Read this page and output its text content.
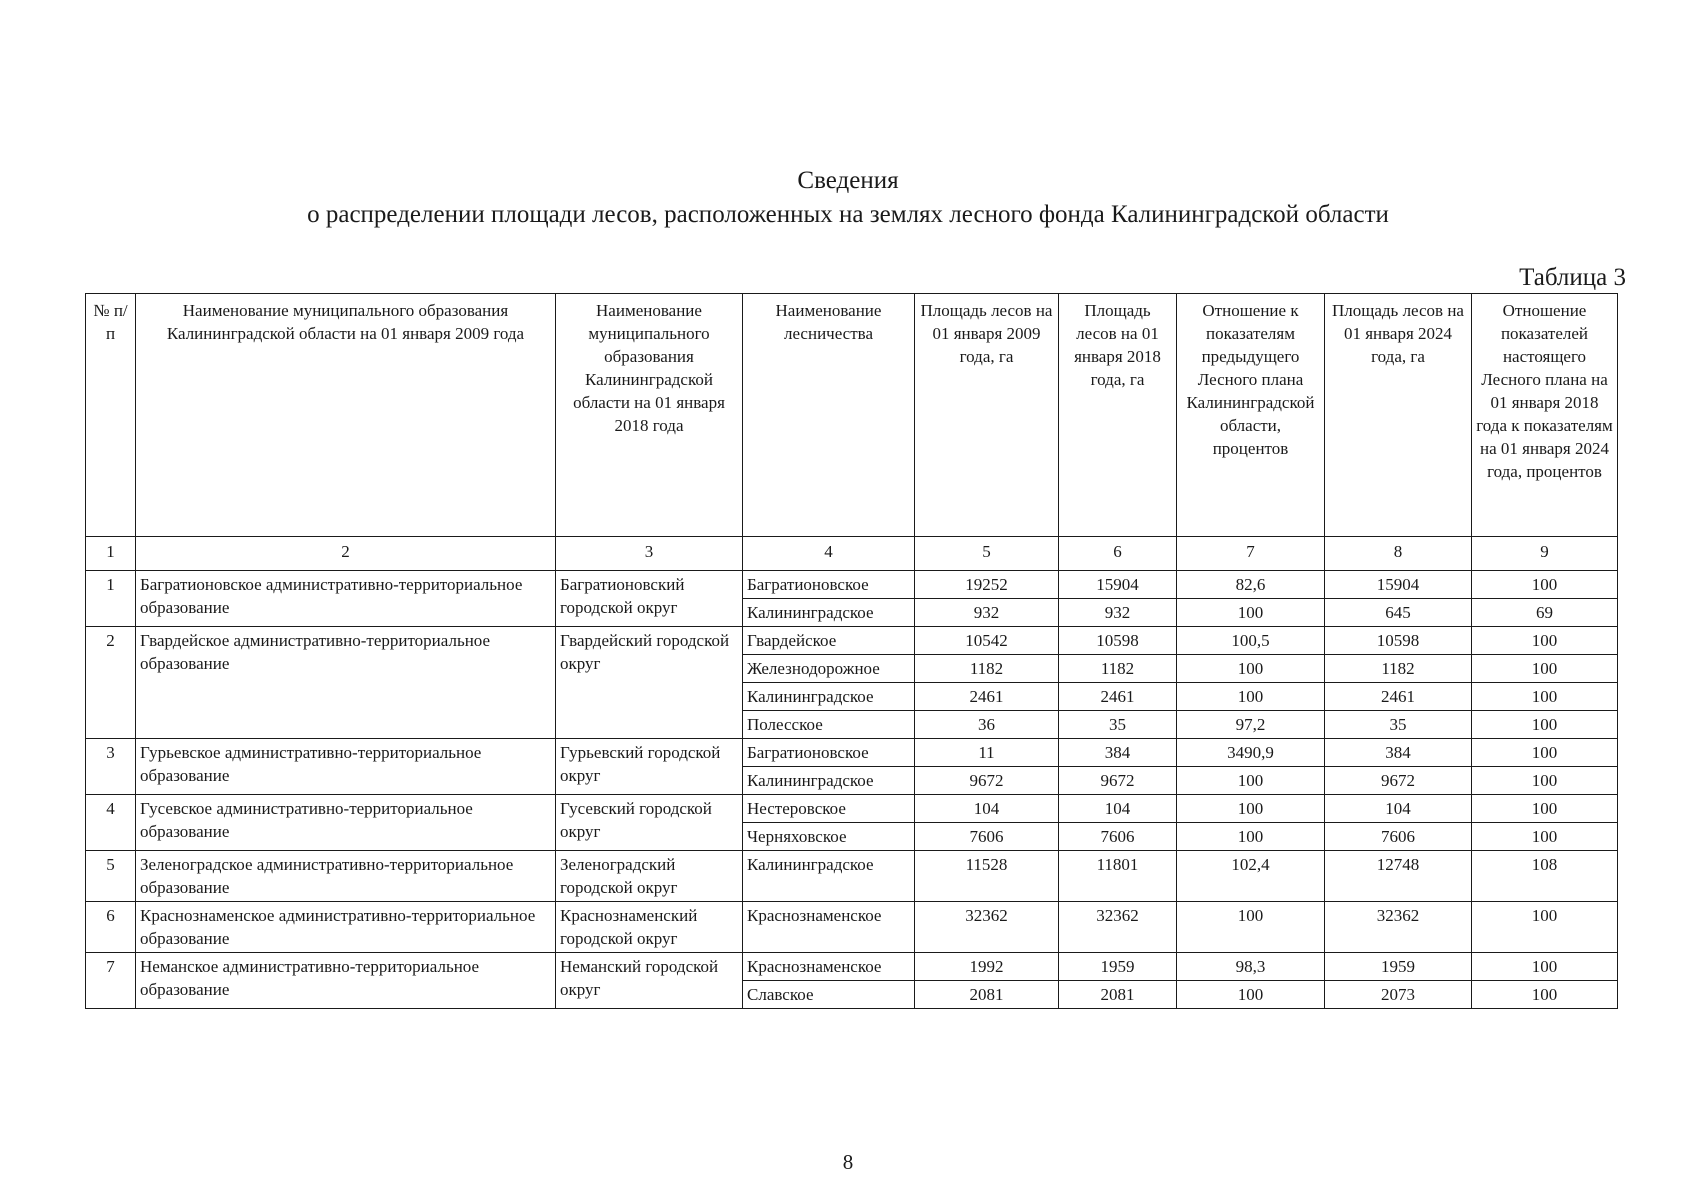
Сведения
о распределении площади лесов, расположенных на землях лесного фонда Калининградской области
Таблица 3
№ п/п	Наименование муниципального образования Калининградской области на 01 января 2009 года	Наименование муниципального образования Калининградской области на 01 января 2018 года	Наименование лесничества	Площадь лесов на 01 января 2009 года, га	Площадь лесов на 01 января 2018 года, га	Отношение к показателям предыдущего Лесного плана Калининградской области, процентов	Площадь лесов на 01 января 2024 года, га	Отношение показателей настоящего Лесного плана на 01 января 2018 года к показателям на 01 января 2024 года, процентов
1	2	3	4	5	6	7	8	9
1	Багратионовское административно-территориальное образование	Багратионовский городской округ	Багратионовское	19252	15904	82,6	15904	100
			Калининградское	932	932	100	645	69
2	Гвардейское административно-территориальное образование	Гвардейский городской округ	Гвардейское	10542	10598	100,5	10598	100
			Железнодорожное	1182	1182	100	1182	100
			Калининградское	2461	2461	100	2461	100
			Полесское	36	35	97,2	35	100
3	Гурьевское административно-территориальное образование	Гурьевский городской округ	Багратионовское	11	384	3490,9	384	100
			Калининградское	9672	9672	100	9672	100
4	Гусевское административно-территориальное образование	Гусевский городской округ	Нестеровское	104	104	100	104	100
			Черняховское	7606	7606	100	7606	100
5	Зеленоградское административно-территориальное образование	Зеленоградский городской округ	Калининградское	11528	11801	102,4	12748	108
6	Краснознаменское административно-территориальное образование	Краснознаменский городской округ	Краснознаменское	32362	32362	100	32362	100
7	Неманское административно-территориальное образование	Неманский городской округ	Краснознаменское	1992	1959	98,3	1959	100
			Славское	2081	2081	100	2073	100
8
